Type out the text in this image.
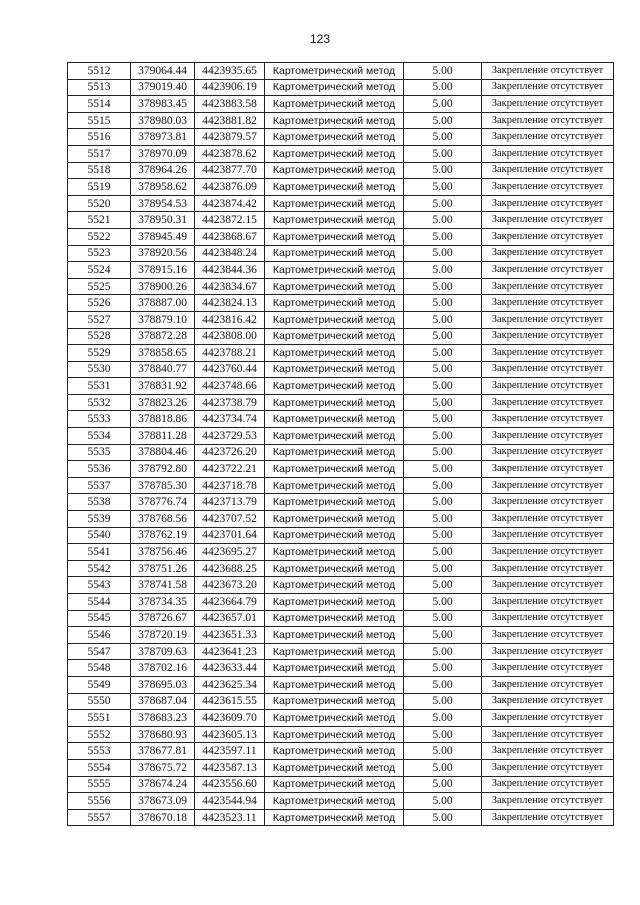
123
5512	379064.44	4423935.65	Картометрический метод	5.00	Закрепление отсутствует
5513	379019.40	4423906.19	Картометрический метод	5.00	Закрепление отсутствует
5514	378983.45	4423883.58	Картометрический метод	5.00	Закрепление отсутствует
5515	378980.03	4423881.82	Картометрический метод	5.00	Закрепление отсутствует
5516	378973.81	4423879.57	Картометрический метод	5.00	Закрепление отсутствует
5517	378970.09	4423878.62	Картометрический метод	5.00	Закрепление отсутствует
5518	378964.26	4423877.70	Картометрический метод	5.00	Закрепление отсутствует
5519	378958.62	4423876.09	Картометрический метод	5.00	Закрепление отсутствует
5520	378954.53	4423874.42	Картометрический метод	5.00	Закрепление отсутствует
5521	378950.31	4423872.15	Картометрический метод	5.00	Закрепление отсутствует
5522	378945.49	4423868.67	Картометрический метод	5.00	Закрепление отсутствует
5523	378920.56	4423848.24	Картометрический метод	5.00	Закрепление отсутствует
5524	378915.16	4423844.36	Картометрический метод	5.00	Закрепление отсутствует
5525	378900.26	4423834.67	Картометрический метод	5.00	Закрепление отсутствует
5526	378887.00	4423824.13	Картометрический метод	5.00	Закрепление отсутствует
5527	378879.10	4423816.42	Картометрический метод	5.00	Закрепление отсутствует
5528	378872.28	4423808.00	Картометрический метод	5.00	Закрепление отсутствует
5529	378858.65	4423788.21	Картометрический метод	5.00	Закрепление отсутствует
5530	378840.77	4423760.44	Картометрический метод	5.00	Закрепление отсутствует
5531	378831.92	4423748.66	Картометрический метод	5.00	Закрепление отсутствует
5532	378823.26	4423738.79	Картометрический метод	5.00	Закрепление отсутствует
5533	378818.86	4423734.74	Картометрический метод	5.00	Закрепление отсутствует
5534	378811.28	4423729.53	Картометрический метод	5.00	Закрепление отсутствует
5535	378804.46	4423726.20	Картометрический метод	5.00	Закрепление отсутствует
5536	378792.80	4423722.21	Картометрический метод	5.00	Закрепление отсутствует
5537	378785.30	4423718.78	Картометрический метод	5.00	Закрепление отсутствует
5538	378776.74	4423713.79	Картометрический метод	5.00	Закрепление отсутствует
5539	378768.56	4423707.52	Картометрический метод	5.00	Закрепление отсутствует
5540	378762.19	4423701.64	Картометрический метод	5.00	Закрепление отсутствует
5541	378756.46	4423695.27	Картометрический метод	5.00	Закрепление отсутствует
5542	378751.26	4423688.25	Картометрический метод	5.00	Закрепление отсутствует
5543	378741.58	4423673.20	Картометрический метод	5.00	Закрепление отсутствует
5544	378734.35	4423664.79	Картометрический метод	5.00	Закрепление отсутствует
5545	378726.67	4423657.01	Картометрический метод	5.00	Закрепление отсутствует
5546	378720.19	4423651.33	Картометрический метод	5.00	Закрепление отсутствует
5547	378709.63	4423641.23	Картометрический метод	5.00	Закрепление отсутствует
5548	378702.16	4423633.44	Картометрический метод	5.00	Закрепление отсутствует
5549	378695.03	4423625.34	Картометрический метод	5.00	Закрепление отсутствует
5550	378687.04	4423615.55	Картометрический метод	5.00	Закрепление отсутствует
5551	378683.23	4423609.70	Картометрический метод	5.00	Закрепление отсутствует
5552	378680.93	4423605.13	Картометрический метод	5.00	Закрепление отсутствует
5553	378677.81	4423597.11	Картометрический метод	5.00	Закрепление отсутствует
5554	378675.72	4423587.13	Картометрический метод	5.00	Закрепление отсутствует
5555	378674.24	4423556.60	Картометрический метод	5.00	Закрепление отсутствует
5556	378673.09	4423544.94	Картометрический метод	5.00	Закрепление отсутствует
5557	378670.18	4423523.11	Картометрический метод	5.00	Закрепление отсутствует
